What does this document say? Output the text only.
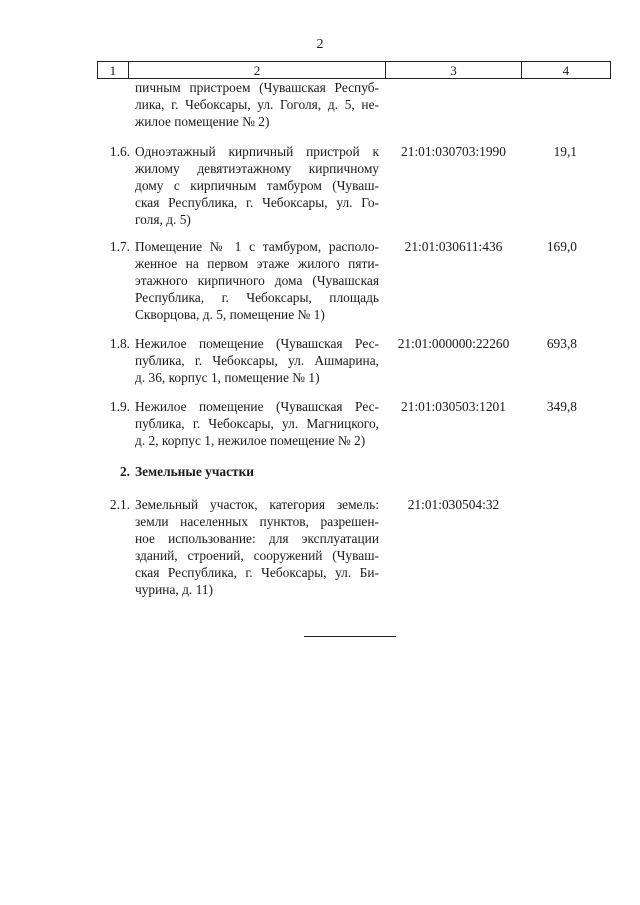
2
1	2	3	4
пичным пристроем (Чувашская Респуб-
лика, г. Чебоксары, ул. Гоголя, д. 5, не-
жилое помещение № 2)
1.6. Одноэтажный кирпичный пристрой к
жилому девятиэтажному кирпичному
дому с кирпичным тамбуром (Чуваш-
ская Республика, г. Чебоксары, ул. Го-
голя, д. 5)
21:01:030703:1990	19,1
1.7. Помещение № 1 с тамбуром, располо-
женное на первом этаже жилого пяти-
этажного кирпичного дома (Чувашская
Республика, г. Чебоксары, площадь
Скворцова, д. 5, помещение № 1)
21:01:030611:436	169,0
1.8. Нежилое помещение (Чувашская Рес-
публика, г. Чебоксары, ул. Ашмарина,
д. 36, корпус 1, помещение № 1)
21:01:000000:22260	693,8
1.9. Нежилое помещение (Чувашская Рес-
публика, г. Чебоксары, ул. Магницкого,
д. 2, корпус 1, нежилое помещение № 2)
21:01:030503:1201	349,8
2. Земельные участки
2.1. Земельный участок, категория земель:
земли населенных пунктов, разрешен-
ное использование: для эксплуатации
зданий, строений, сооружений (Чуваш-
ская Республика, г. Чебоксары, ул. Би-
чурина, д. 11)
21:01:030504:32
